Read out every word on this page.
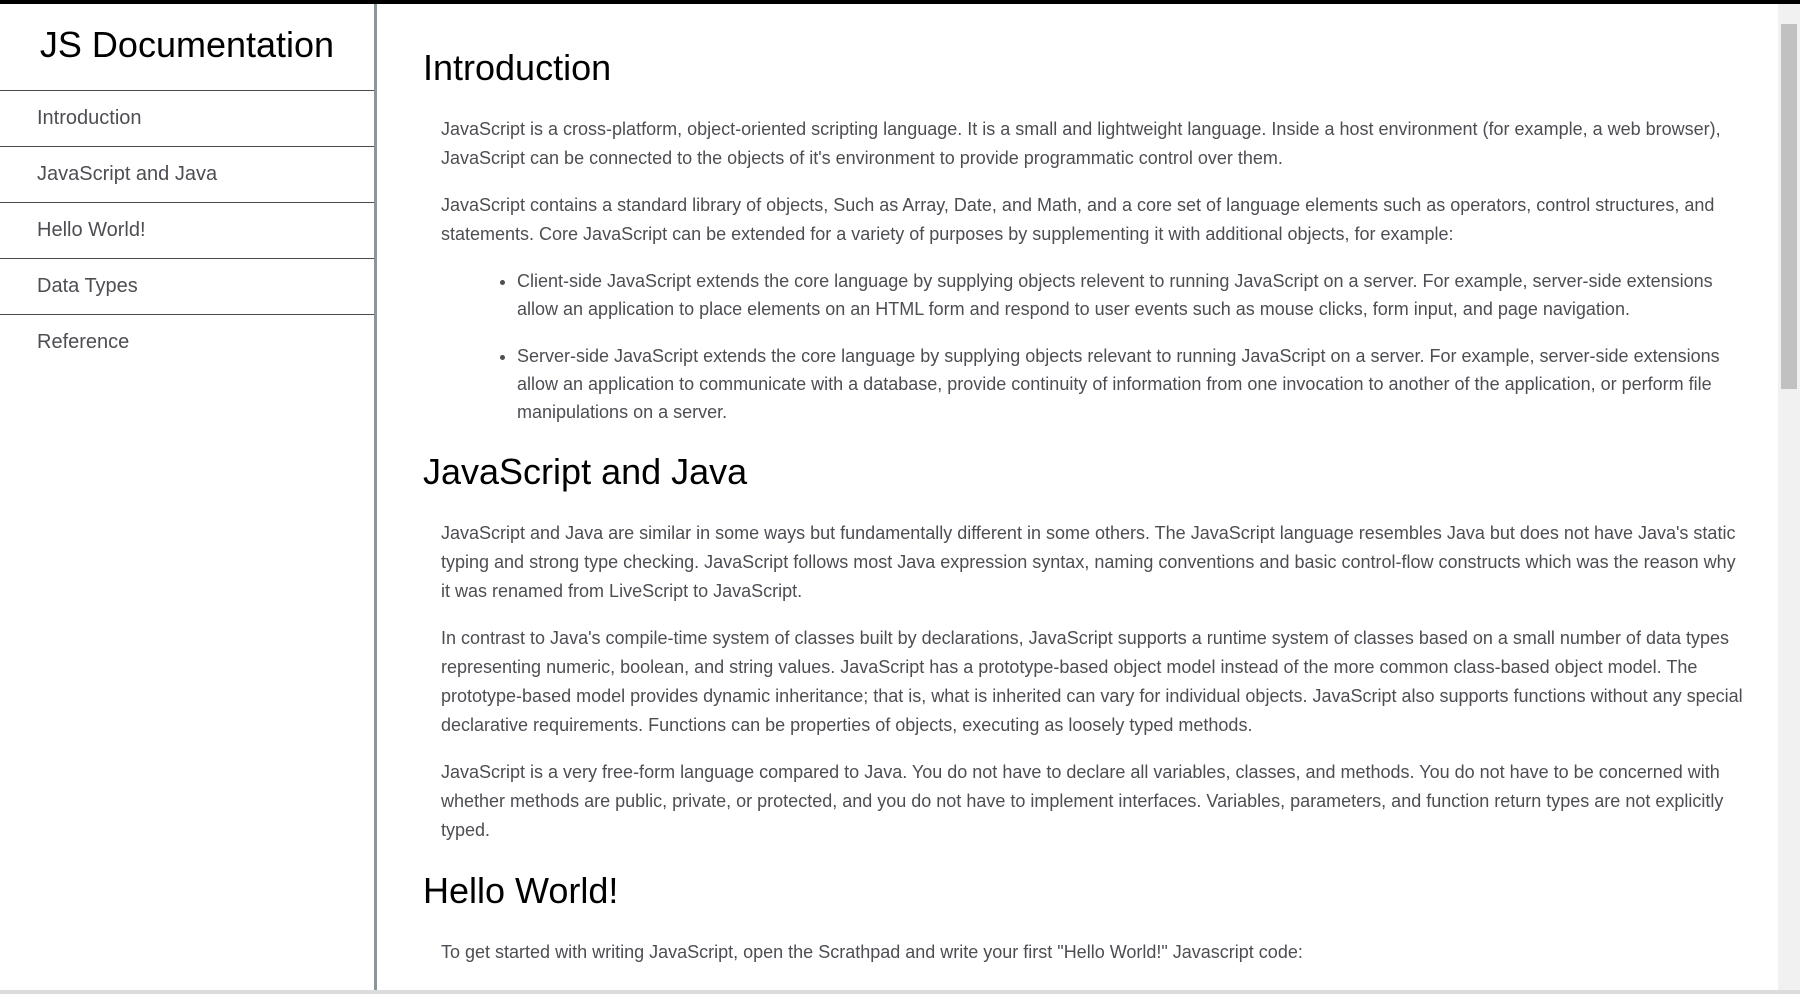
JS Documentation
Introduction
JavaScript and Java
Hello World!
Data Types
Reference
Introduction

JavaScript is a cross-platform, object-oriented scripting language. It is a small and lightweight language. Inside a host environment (for example, a web browser), JavaScript can be connected to the objects of it's environment to provide programmatic control over them.

JavaScript contains a standard library of objects, Such as Array, Date, and Math, and a core set of language elements such as operators, control structures, and statements. Core JavaScript can be extended for a variety of purposes by supplementing it with additional objects, for example:

• Client-side JavaScript extends the core language by supplying objects relevent to running JavaScript on a server. For example, server-side extensions allow an application to place elements on an HTML form and respond to user events such as mouse clicks, form input, and page navigation.
• Server-side JavaScript extends the core language by supplying objects relevant to running JavaScript on a server. For example, server-side extensions allow an application to communicate with a database, provide continuity of information from one invocation to another of the application, or perform file manipulations on a server.
JavaScript and Java

JavaScript and Java are similar in some ways but fundamentally different in some others. The JavaScript language resembles Java but does not have Java's static typing and strong type checking. JavaScript follows most Java expression syntax, naming conventions and basic control-flow constructs which was the reason why it was renamed from LiveScript to JavaScript.

In contrast to Java's compile-time system of classes built by declarations, JavaScript supports a runtime system of classes based on a small number of data types representing numeric, boolean, and string values. JavaScript has a prototype-based object model instead of the more common class-based object model. The prototype-based model provides dynamic inheritance; that is, what is inherited can vary for individual objects. JavaScript also supports functions without any special declarative requirements. Functions can be properties of objects, executing as loosely typed methods.

JavaScript is a very free-form language compared to Java. You do not have to declare all variables, classes, and methods. You do not have to be concerned with whether methods are public, private, or protected, and you do not have to implement interfaces. Variables, parameters, and function return types are not explicitly typed.

Hello World!

To get started with writing JavaScript, open the Scrathpad and write your first "Hello World!" Javascript code:
